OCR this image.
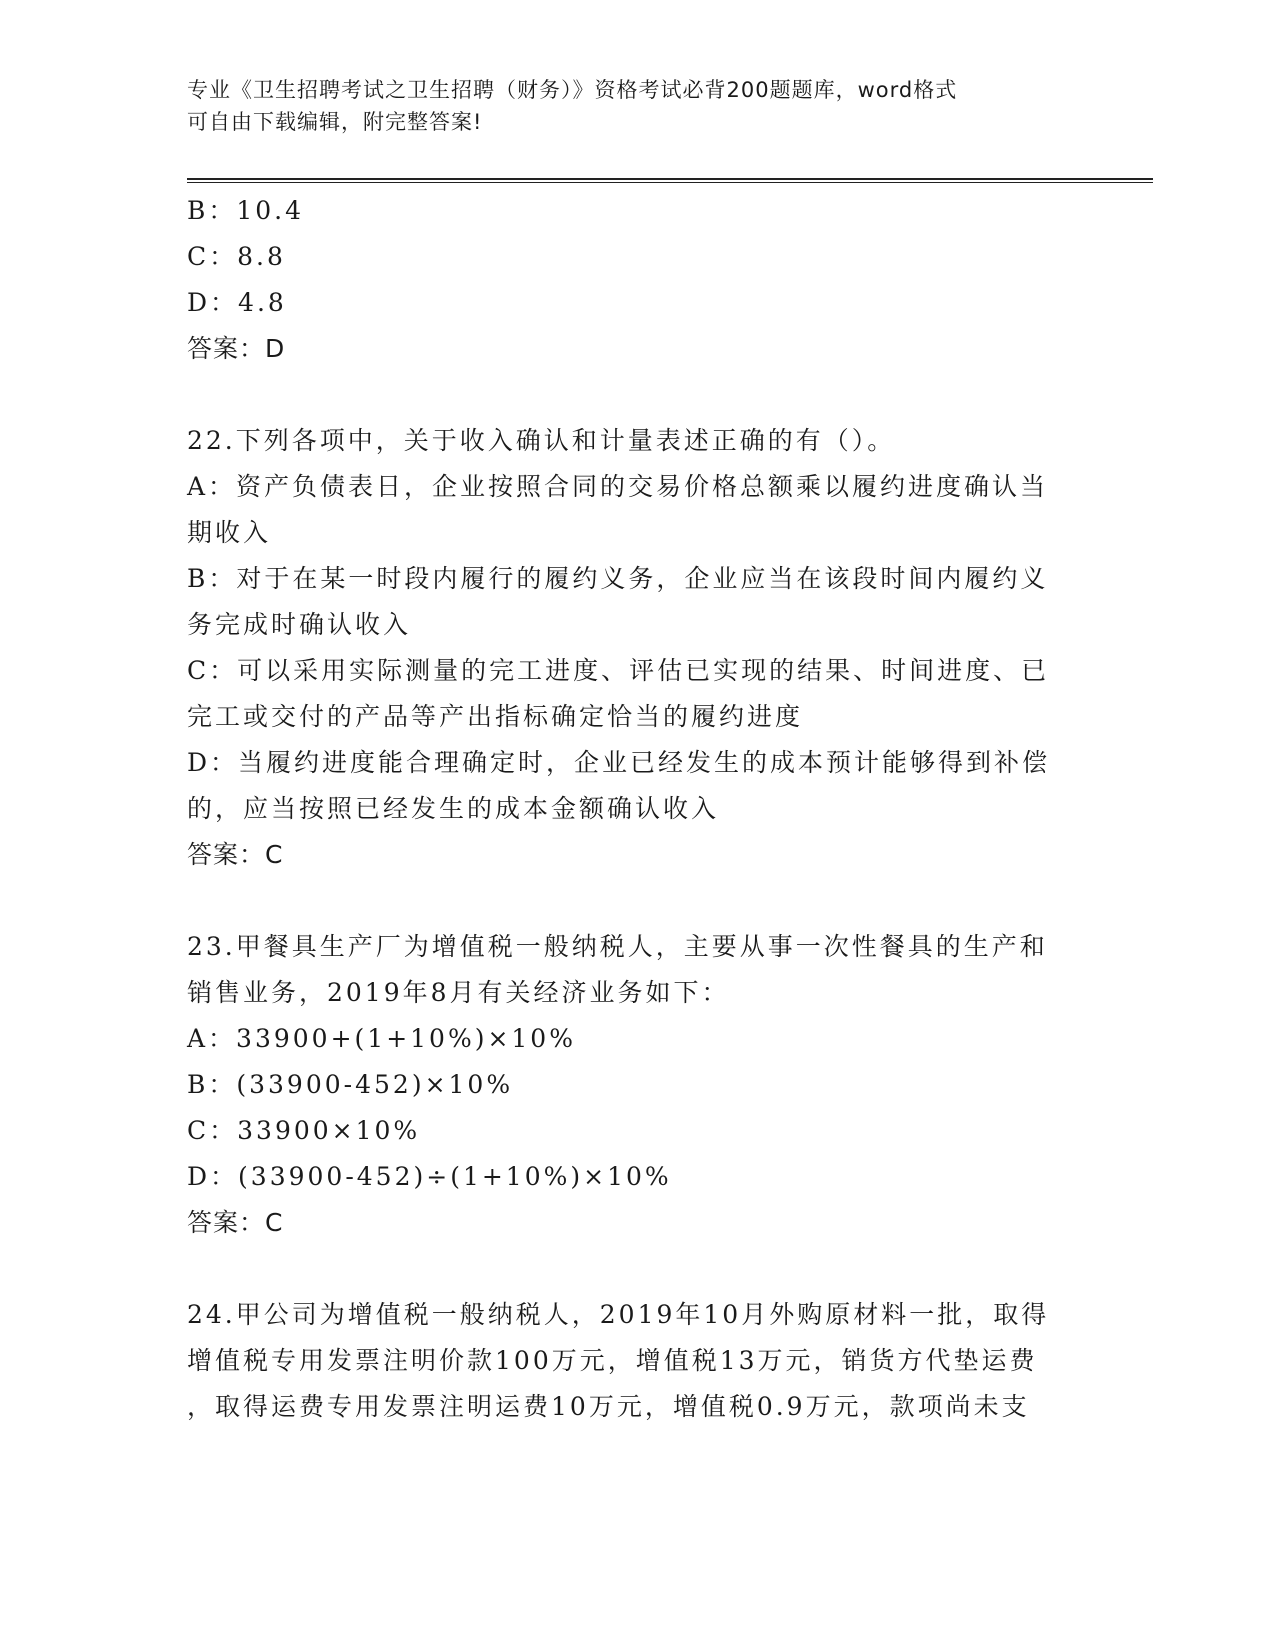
专业《卫生招聘考试之卫生招聘（财务）》资格考试必背200题题库，word格式
可自由下载编辑，附完整答案!
B：10.4
C：8.8
D：4.8
答案：D
22.下列各项中，关于收入确认和计量表述正确的有（）。
A：资产负债表日，企业按照合同的交易价格总额乘以履约进度确认当
期收入
B：对于在某一时段内履行的履约义务，企业应当在该段时间内履约义
务完成时确认收入
C：可以采用实际测量的完工进度、评估已实现的结果、时间进度、已
完工或交付的产品等产出指标确定恰当的履约进度
D：当履约进度能合理确定时，企业已经发生的成本预计能够得到补偿
的，应当按照已经发生的成本金额确认收入
答案：C
23.甲餐具生产厂为增值税一般纳税人，主要从事一次性餐具的生产和
销售业务，2019年8月有关经济业务如下：
A：33900+(1+10%)×10%
B：(33900-452)×10%
C：33900×10%
D：(33900-452)÷(1+10%)×10%
答案：C
24.甲公司为增值税一般纳税人，2019年10月外购原材料一批，取得
增值税专用发票注明价款100万元，增值税13万元，销货方代垫运费
，取得运费专用发票注明运费10万元，增值税0.9万元，款项尚未支
